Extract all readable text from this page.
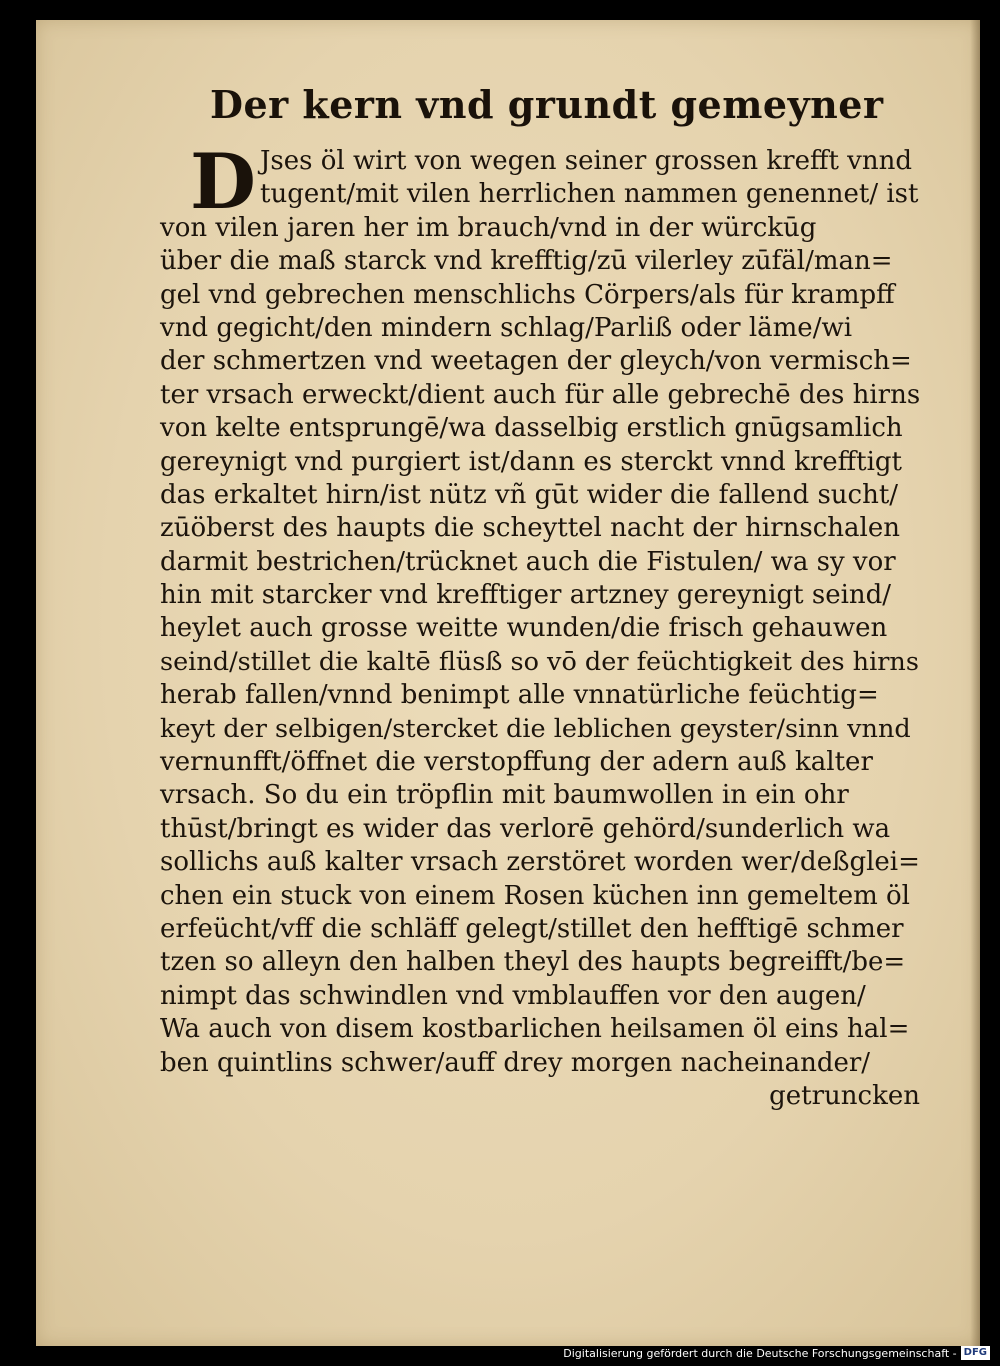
Der kern vnd grundt gemeyner
D Jses öl wirt von wegen seiner grossen krefft vnnd
tugent/mit vilen herrlichen nammen genennet/ ist
von vilen jaren her im brauch/vnd in der würckūg
über die maß starck vnd krefftig/zū vilerley zūfäl/man=
gel vnd gebrechen menschlichs Cörpers/als für krampff
vnd gegicht/den mindern schlag/Parliß oder läme/wi
der schmertzen vnd weetagen der gleych/von vermisch=
ter vrsach erweckt/dient auch für alle gebrechē des hirns
von kelte entsprungē/wa dasselbig erstlich gnūgsamlich
gereynigt vnd purgiert ist/dann es sterckt vnnd krefftigt
das erkaltet hirn/ist nütz vñ gūt wider die fallend sucht/
zūöberst des haupts die scheyttel nacht der hirnschalen
darmit bestrichen/trücknet auch die Fistulen/ wa sy vor
hin mit starcker vnd krefftiger artzney gereynigt seind/
heylet auch grosse weitte wunden/die frisch gehauwen
seind/stillet die kaltē flüsß so vō der feüchtigkeit des hirns
herab fallen/vnnd benimpt alle vnnatürliche feüchtig=
keyt der selbigen/stercket die leblichen geyster/sinn vnnd
vernunfft/öffnet die verstopffung der adern auß kalter
vrsach. So du ein tröpflin mit baumwollen in ein ohr
thūst/bringt es wider das verlorē gehörd/sunderlich wa
sollichs auß kalter vrsach zerstöret worden wer/deßglei=
chen ein stuck von einem Rosen küchen inn gemeltem öl
erfeücht/vff die schläff gelegt/stillet den hefftigē schmer
tzen so alleyn den halben theyl des haupts begreifft/be=
nimpt das schwindlen vnd vmblauffen vor den augen/
Wa auch von disem kostbarlichen heilsamen öl eins hal=
ben quintlins schwer/auff drey morgen nacheinander/
getruncken
Digitalisierung gefördert durch die Deutsche Forschungsgemeinschaft - DFG
